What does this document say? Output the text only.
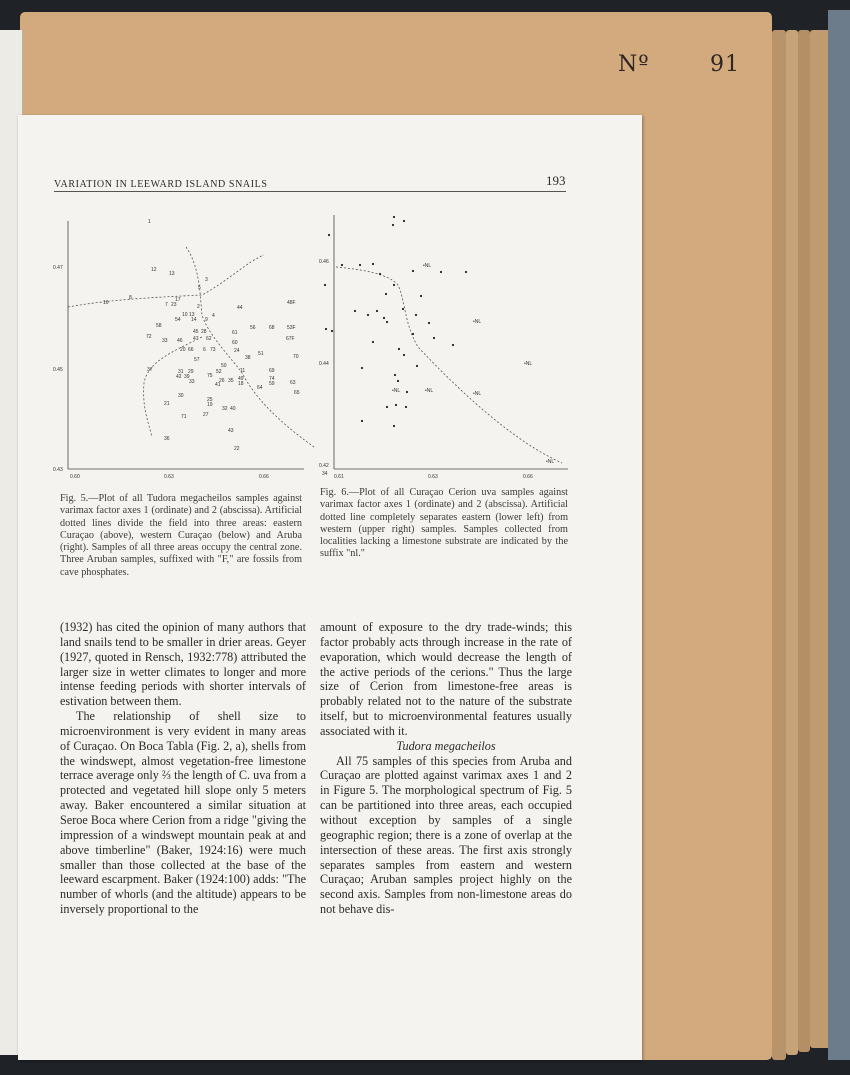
Nº	91
VARIATION IN LEEWARD ISLAND SNAILS	193
0.47
0.45
0.43
0.60	0.63	0.66
1
12
13
3
5
16
8	17
7 23	2	44
48F
10 13
54 14 9
4
58	56	68 53F
45 28	61
67F
72
33 46 47 62
60
20 66 6 73	24	51
57	38	70
50
37	31 29	52	11	69
42 39	75
33	26 35 49	74
41	18	59	63
64
65
30
21
25
19
32 40
71	27
43
36
22
34
0.46
0.44
0.42
0.61	0.63	0.66
•NL
•NL
•NL
•NL	•NL	•NL
•NL
Fig. 5.—Plot of all Tudora megacheilos samples against varimax factor axes 1 (ordinate) and 2 (abscissa). Artificial dotted lines divide the field into three areas: eastern Curaçao (above), western Curaçao (below) and Aruba (right). Samples of all three areas occupy the central zone. Three Aruban samples, suffixed with "F," are fossils from cave phosphates.
Fig. 6.—Plot of all Curaçao Cerion uva samples against varimax factor axes 1 (ordinate) and 2 (abscissa). Artificial dotted line completely separates eastern (lower left) from western (upper right) samples. Samples collected from localities lacking a limestone substrate are indicated by the suffix "nl."

(1932) has cited the opinion of many authors that land snails tend to be smaller in drier areas. Geyer (1927, quoted in Rensch, 1932:778) attributed the larger size in wetter climates to longer and more intense feeding periods with shorter intervals of estivation between them.

The relationship of shell size to microenvironment is very evident in many areas of Curaçao. On Boca Tabla (Fig. 2, a), shells from the windswept, almost vegetation-free limestone terrace average only ⅔ the length of C. uva from a protected and vegetated hill slope only 5 meters away. Baker encountered a similar situation at Seroe Boca where Cerion from a ridge "giving the impression of a windswept mountain peak at and above timberline" (Baker, 1924:16) were much smaller than those collected at the base of the leeward escarpment. Baker (1924:100) adds: "The number of whorls (and the altitude) appears to be inversely proportional to the

amount of exposure to the dry trade-winds; this factor probably acts through increase in the rate of evaporation, which would decrease the length of the active periods of the cerions." Thus the large size of Cerion from limestone-free areas is probably related not to the nature of the substrate itself, but to microenvironmental features usually associated with it.

Tudora megacheilos

All 75 samples of this species from Aruba and Curaçao are plotted against varimax axes 1 and 2 in Figure 5. The morphological spectrum of Fig. 5 can be partitioned into three areas, each occupied without exception by samples of a single geographic region; there is a zone of overlap at the intersection of these areas. The first axis strongly separates samples from eastern and western Curaçao; Aruban samples project highly on the second axis. Samples from non-limestone areas do not behave dis-
